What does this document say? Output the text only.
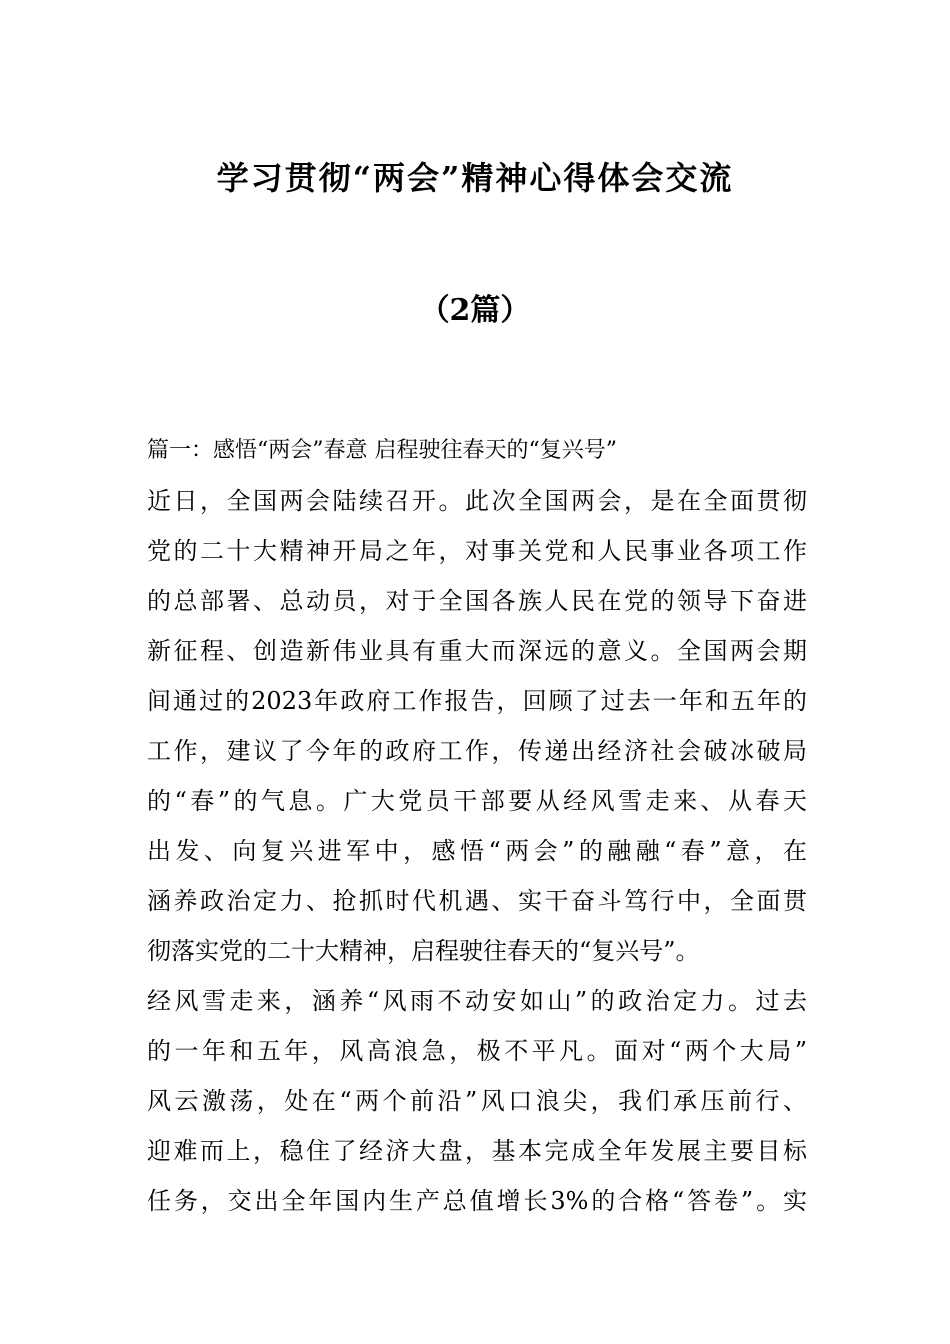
学习贯彻“两会”精神心得体会交流
（2篇）
篇一：感悟“两会”春意 启程驶往春天的“复兴号”
近日，全国两会陆续召开。此次全国两会，是在全面贯彻
党的二十大精神开局之年，对事关党和人民事业各项工作
的总部署、总动员，对于全国各族人民在党的领导下奋进
新征程、创造新伟业具有重大而深远的意义。全国两会期
间通过的2023年政府工作报告，回顾了过去一年和五年的
工作，建议了今年的政府工作，传递出经济社会破冰破局
的“春”的气息。广大党员干部要从经风雪走来、从春天
出发、向复兴进军中，感悟“两会”的融融“春”意，在
涵养政治定力、抢抓时代机遇、实干奋斗笃行中，全面贯
彻落实党的二十大精神，启程驶往春天的“复兴号”。
经风雪走来，涵养“风雨不动安如山”的政治定力。过去
的一年和五年，风高浪急，极不平凡。面对“两个大局”
风云激荡，处在“两个前沿”风口浪尖，我们承压前行、
迎难而上，稳住了经济大盘，基本完成全年发展主要目标
任务，交出全年国内生产总值增长3%的合格“答卷”。实
